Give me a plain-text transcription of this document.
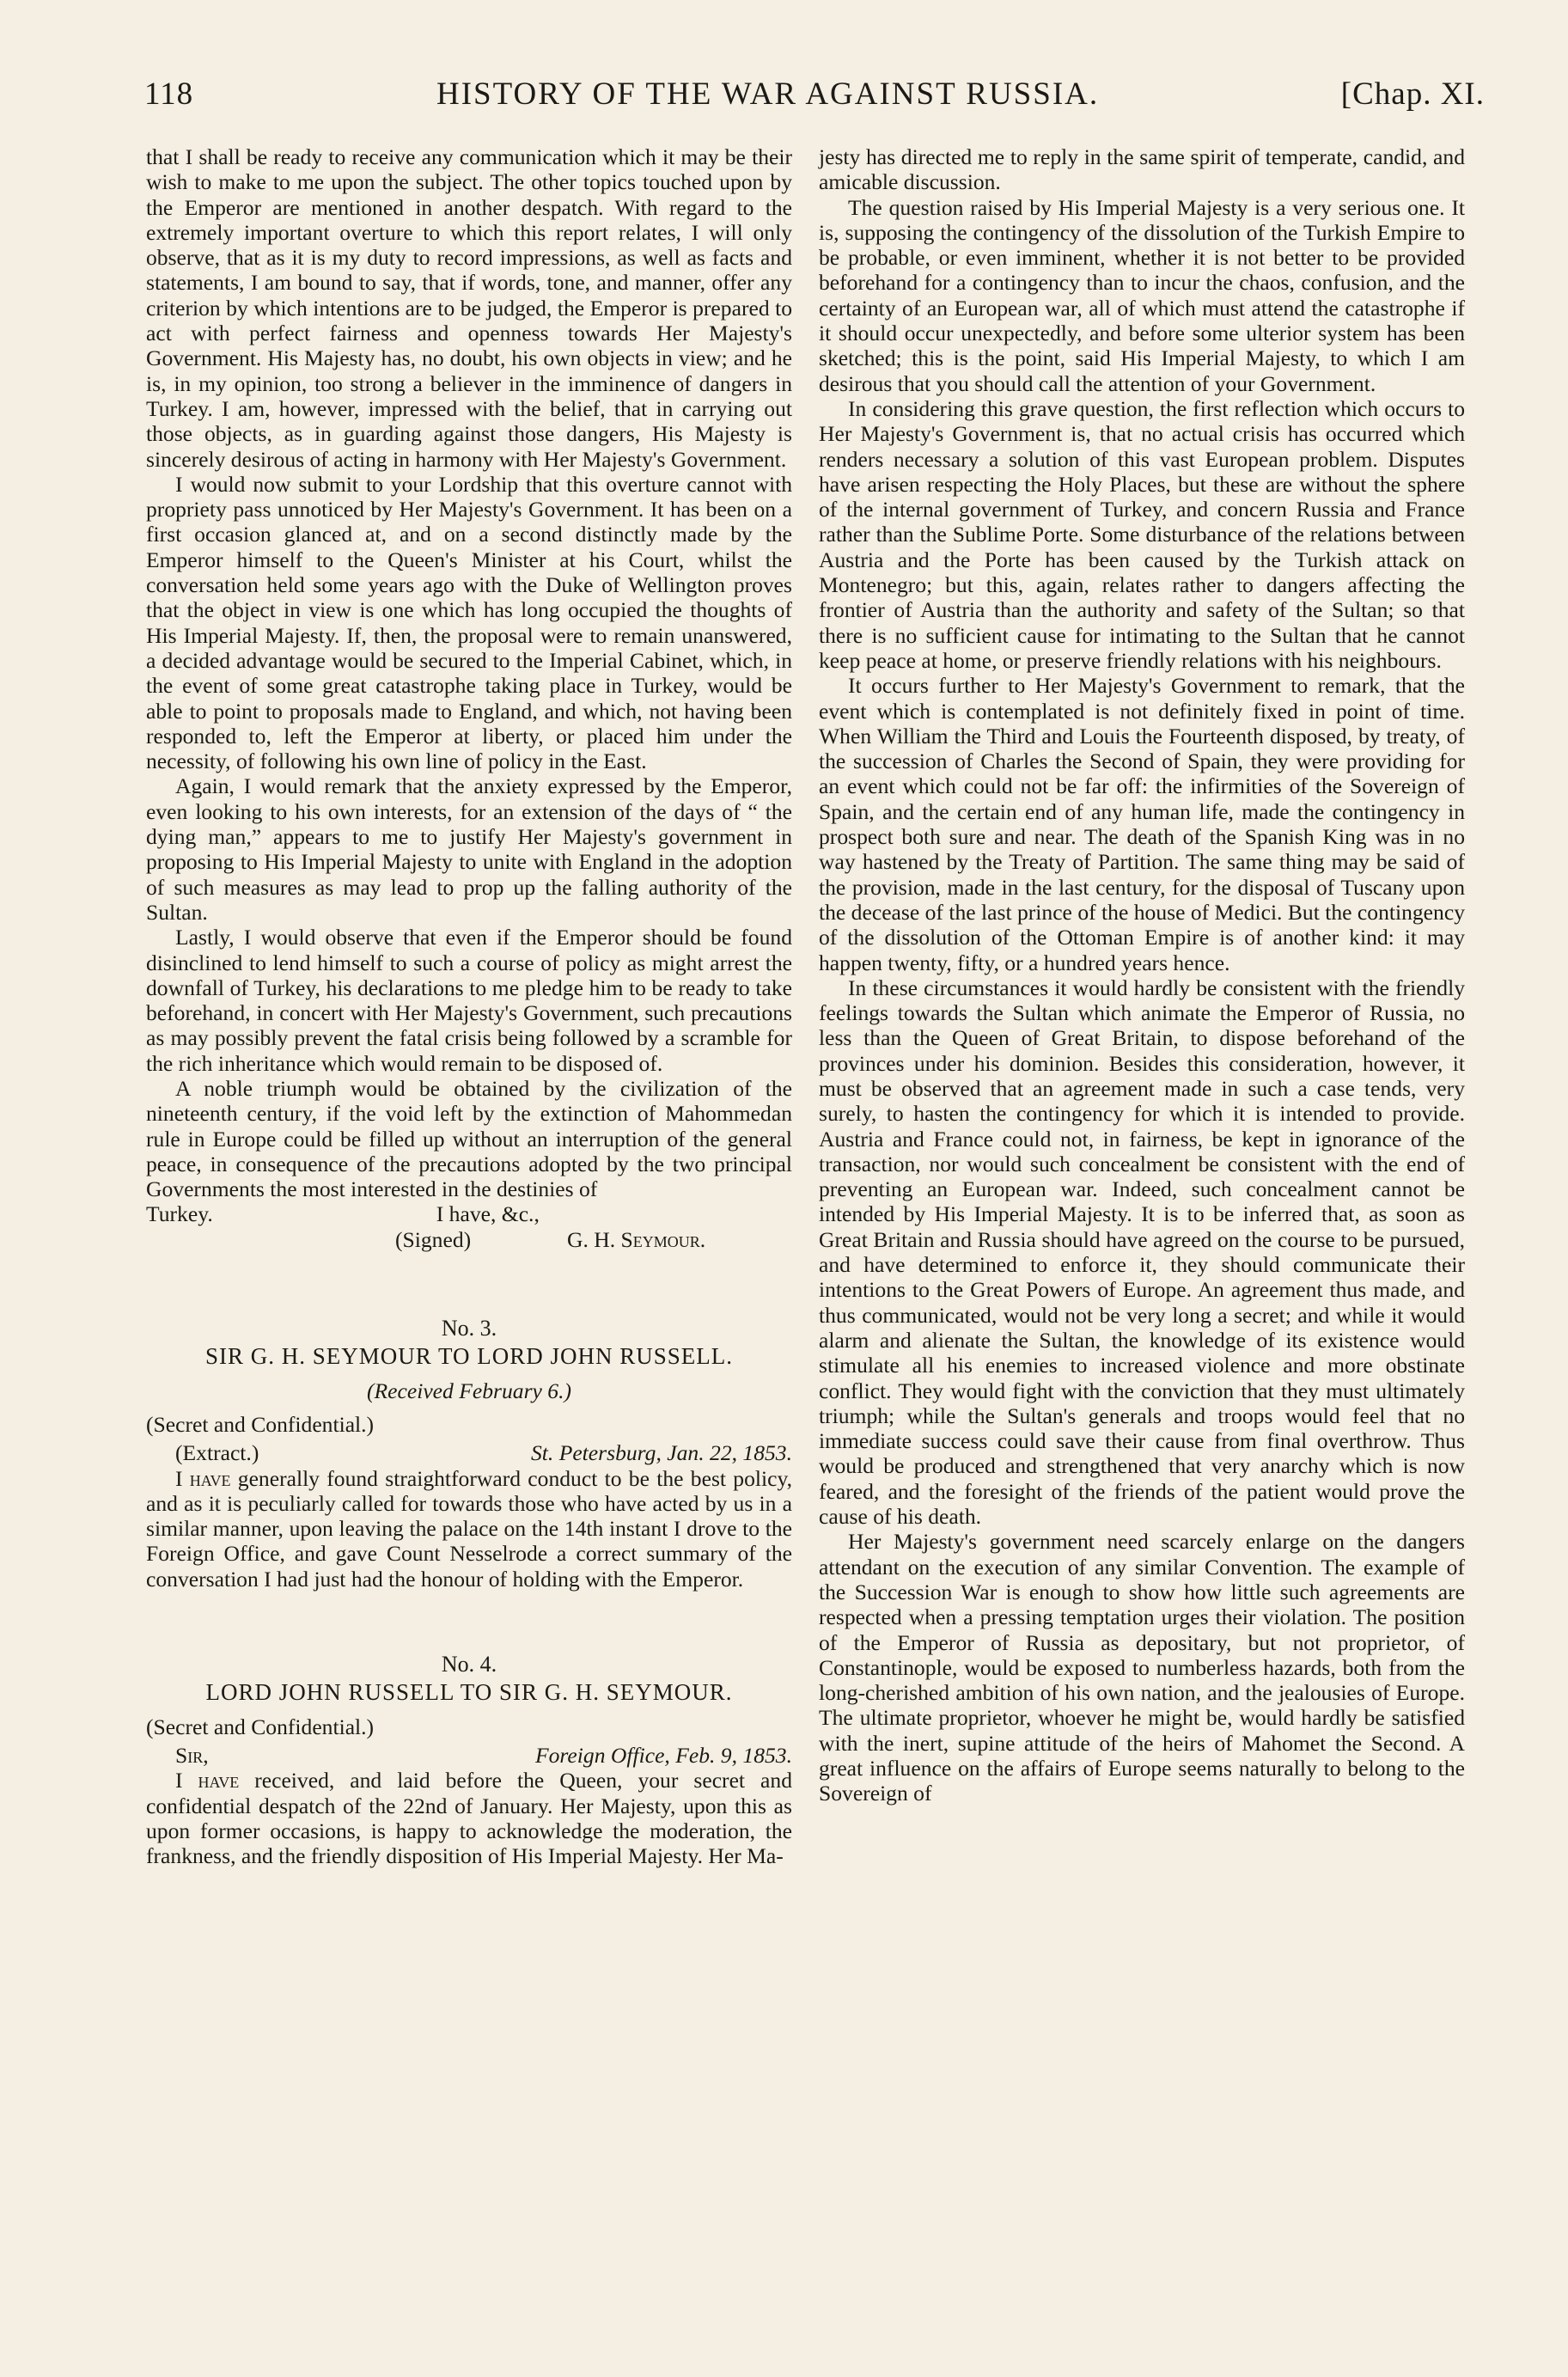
118	HISTORY OF THE WAR AGAINST RUSSIA.	[Chap. XI.

that I shall be ready to receive any communication which it may be their wish to make to me upon the subject. The other topics touched upon by the Emperor are mentioned in another despatch. With regard to the extremely important overture to which this report relates, I will only observe, that as it is my duty to record impressions, as well as facts and statements, I am bound to say, that if words, tone, and manner, offer any criterion by which intentions are to be judged, the Emperor is prepared to act with perfect fairness and openness towards Her Majesty's Government. His Majesty has, no doubt, his own objects in view; and he is, in my opinion, too strong a believer in the imminence of dangers in Turkey. I am, however, impressed with the belief, that in carrying out those objects, as in guarding against those dangers, His Majesty is sincerely desirous of acting in harmony with Her Majesty's Government.

I would now submit to your Lordship that this overture cannot with propriety pass unnoticed by Her Majesty's Government. It has been on a first occasion glanced at, and on a second distinctly made by the Emperor himself to the Queen's Minister at his Court, whilst the conversation held some years ago with the Duke of Wellington proves that the object in view is one which has long occupied the thoughts of His Imperial Majesty. If, then, the proposal were to remain unanswered, a decided advantage would be secured to the Imperial Cabinet, which, in the event of some great catastrophe taking place in Turkey, would be able to point to proposals made to England, and which, not having been responded to, left the Emperor at liberty, or placed him under the necessity, of following his own line of policy in the East.

Again, I would remark that the anxiety expressed by the Emperor, even looking to his own interests, for an extension of the days of “ the dying man,” appears to me to justify Her Majesty's government in proposing to His Imperial Majesty to unite with England in the adoption of such measures as may lead to prop up the falling authority of the Sultan.

Lastly, I would observe that even if the Emperor should be found disinclined to lend himself to such a course of policy as might arrest the downfall of Turkey, his declarations to me pledge him to be ready to take beforehand, in concert with Her Majesty's Government, such precautions as may possibly prevent the fatal crisis being followed by a scramble for the rich inheritance which would remain to be disposed of.

A noble triumph would be obtained by the civilization of the nineteenth century, if the void left by the extinction of Mahommedan rule in Europe could be filled up without an interruption of the general peace, in consequence of the precautions adopted by the two principal Governments the most interested in the destinies of

Turkey.	I have, &c.,
(Signed)	G. H. Seymour.
No. 3.
SIR G. H. SEYMOUR TO LORD JOHN RUSSELL.
(Received February 6.)
(Secret and Confidential.)
(Extract.)	St. Petersburg, Jan. 22, 1853.

I have generally found straightforward conduct to be the best policy, and as it is peculiarly called for towards those who have acted by us in a similar manner, upon leaving the palace on the 14th instant I drove to the Foreign Office, and gave Count Nesselrode a correct summary of the conversation I had just had the honour of holding with the Emperor.

No. 4.
LORD JOHN RUSSELL TO SIR G. H. SEYMOUR.
(Secret and Confidential.)
Sir,	Foreign Office, Feb. 9, 1853.

I have received, and laid before the Queen, your secret and confidential despatch of the 22nd of January. Her Majesty, upon this as upon former occasions, is happy to acknowledge the moderation, the frankness, and the friendly disposition of His Imperial Majesty. Her Ma-

jesty has directed me to reply in the same spirit of temperate, candid, and amicable discussion.

The question raised by His Imperial Majesty is a very serious one. It is, supposing the contingency of the dissolution of the Turkish Empire to be probable, or even imminent, whether it is not better to be provided beforehand for a contingency than to incur the chaos, confusion, and the certainty of an European war, all of which must attend the catastrophe if it should occur unexpectedly, and before some ulterior system has been sketched; this is the point, said His Imperial Majesty, to which I am desirous that you should call the attention of your Government.

In considering this grave question, the first reflection which occurs to Her Majesty's Government is, that no actual crisis has occurred which renders necessary a solution of this vast European problem. Disputes have arisen respecting the Holy Places, but these are without the sphere of the internal government of Turkey, and concern Russia and France rather than the Sublime Porte. Some disturbance of the relations between Austria and the Porte has been caused by the Turkish attack on Montenegro; but this, again, relates rather to dangers affecting the frontier of Austria than the authority and safety of the Sultan; so that there is no sufficient cause for intimating to the Sultan that he cannot keep peace at home, or preserve friendly relations with his neighbours.

It occurs further to Her Majesty's Government to remark, that the event which is contemplated is not definitely fixed in point of time. When William the Third and Louis the Fourteenth disposed, by treaty, of the succession of Charles the Second of Spain, they were providing for an event which could not be far off: the infirmities of the Sovereign of Spain, and the certain end of any human life, made the contingency in prospect both sure and near. The death of the Spanish King was in no way hastened by the Treaty of Partition. The same thing may be said of the provision, made in the last century, for the disposal of Tuscany upon the decease of the last prince of the house of Medici. But the contingency of the dissolution of the Ottoman Empire is of another kind: it may happen twenty, fifty, or a hundred years hence.

In these circumstances it would hardly be consistent with the friendly feelings towards the Sultan which animate the Emperor of Russia, no less than the Queen of Great Britain, to dispose beforehand of the provinces under his dominion. Besides this consideration, however, it must be observed that an agreement made in such a case tends, very surely, to hasten the contingency for which it is intended to provide. Austria and France could not, in fairness, be kept in ignorance of the transaction, nor would such concealment be consistent with the end of preventing an European war. Indeed, such concealment cannot be intended by His Imperial Majesty. It is to be inferred that, as soon as Great Britain and Russia should have agreed on the course to be pursued, and have determined to enforce it, they should communicate their intentions to the Great Powers of Europe. An agreement thus made, and thus communicated, would not be very long a secret; and while it would alarm and alienate the Sultan, the knowledge of its existence would stimulate all his enemies to increased violence and more obstinate conflict. They would fight with the conviction that they must ultimately triumph; while the Sultan's generals and troops would feel that no immediate success could save their cause from final overthrow. Thus would be produced and strengthened that very anarchy which is now feared, and the foresight of the friends of the patient would prove the cause of his death.

Her Majesty's government need scarcely enlarge on the dangers attendant on the execution of any similar Convention. The example of the Succession War is enough to show how little such agreements are respected when a pressing temptation urges their violation. The position of the Emperor of Russia as depositary, but not proprietor, of Constantinople, would be exposed to numberless hazards, both from the long-cherished ambition of his own nation, and the jealousies of Europe. The ultimate proprietor, whoever he might be, would hardly be satisfied with the inert, supine attitude of the heirs of Mahomet the Second. A great influence on the affairs of Europe seems naturally to belong to the Sovereign of
